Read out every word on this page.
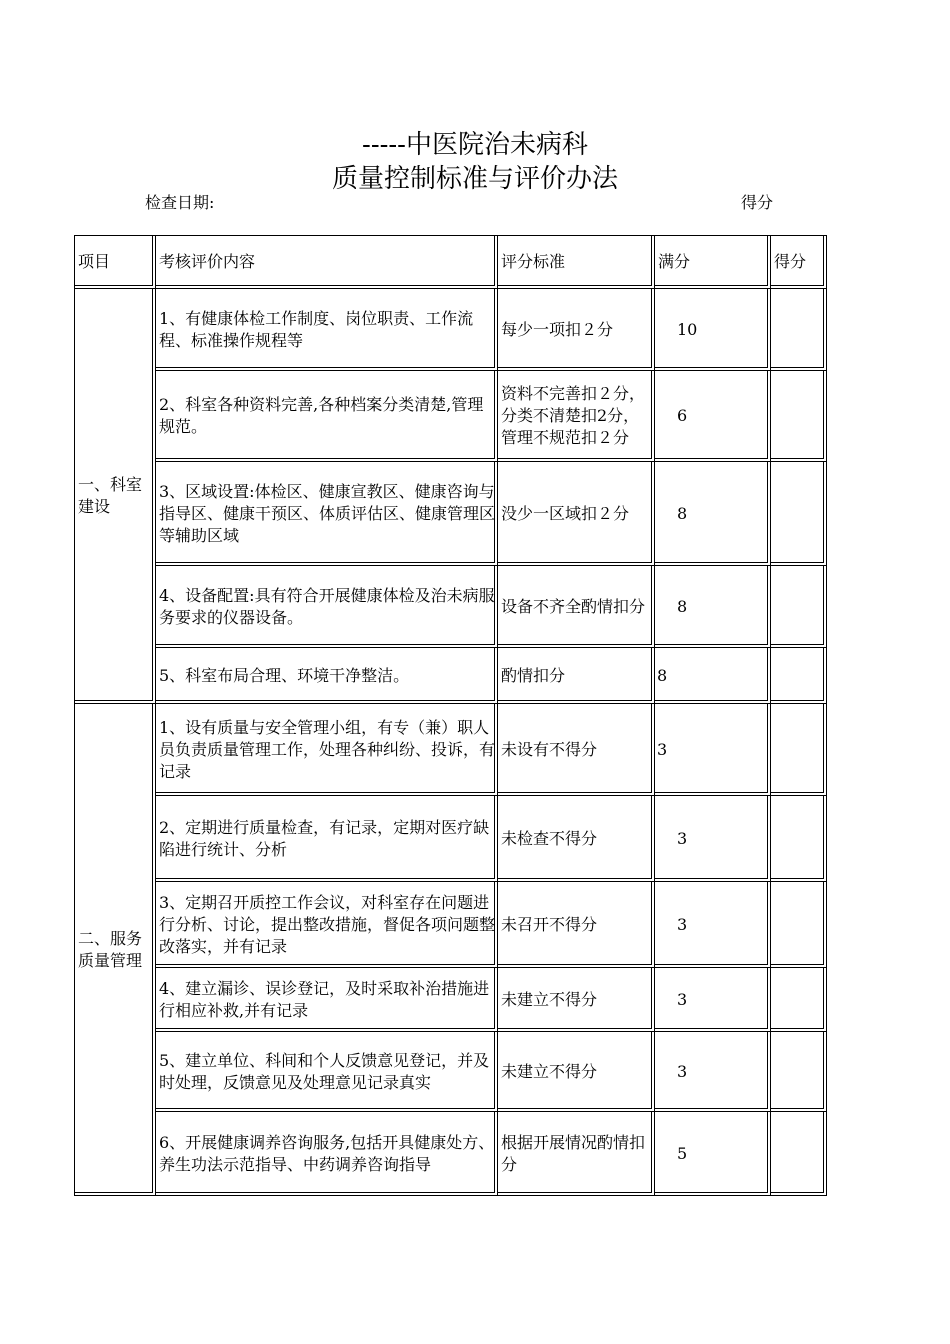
-----中医院治未病科
质量控制标准与评价办法
检查日期:	得分
项目	考核评价内容	评分标准	满分	得分
一、科室建设	1、有健康体检工作制度、岗位职责、工作流程、标准操作规程等	每少一项扣２分	10	
	2、科室各种资料完善,各种档案分类清楚,管理规范。	资料不完善扣２分，分类不清楚扣2分，管理不规范扣２分	6	
	3、区域设置:体检区、健康宣教区、健康咨询与指导区、健康干预区、体质评估区、健康管理区等辅助区域	没少一区域扣２分	8	
	4、设备配置:具有符合开展健康体检及治未病服务要求的仪器设备。	设备不齐全酌情扣分	8	
	5、科室布局合理、环境干净整洁。	酌情扣分	8	
二、服务质量管理	1、设有质量与安全管理小组，有专（兼）职人员负责质量管理工作，处理各种纠纷、投诉，有记录	未设有不得分	3	
	2、定期进行质量检查，有记录，定期对医疗缺陷进行统计、分析	未检查不得分	3	
	3、定期召开质控工作会议，对科室存在问题进行分析、讨论，提出整改措施，督促各项问题整改落实，并有记录	未召开不得分	3	
	4、建立漏诊、误诊登记，及时采取补治措施进行相应补救,并有记录	未建立不得分	3	
	5、建立单位、科间和个人反馈意见登记，并及时处理，反馈意见及处理意见记录真实	未建立不得分	3	
	6、开展健康调养咨询服务,包括开具健康处方、养生功法示范指导、中药调养咨询指导	根据开展情况酌情扣分	5	
